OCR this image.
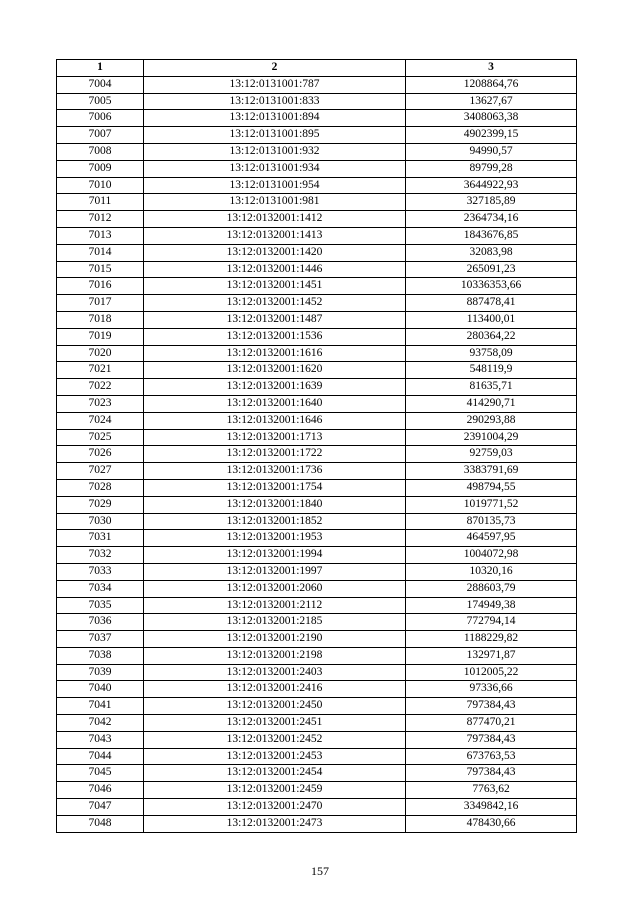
1	2	3
7004	13:12:0131001:787	1208864,76
7005	13:12:0131001:833	13627,67
7006	13:12:0131001:894	3408063,38
7007	13:12:0131001:895	4902399,15
7008	13:12:0131001:932	94990,57
7009	13:12:0131001:934	89799,28
7010	13:12:0131001:954	3644922,93
7011	13:12:0131001:981	327185,89
7012	13:12:0132001:1412	2364734,16
7013	13:12:0132001:1413	1843676,85
7014	13:12:0132001:1420	32083,98
7015	13:12:0132001:1446	265091,23
7016	13:12:0132001:1451	10336353,66
7017	13:12:0132001:1452	887478,41
7018	13:12:0132001:1487	113400,01
7019	13:12:0132001:1536	280364,22
7020	13:12:0132001:1616	93758,09
7021	13:12:0132001:1620	548119,9
7022	13:12:0132001:1639	81635,71
7023	13:12:0132001:1640	414290,71
7024	13:12:0132001:1646	290293,88
7025	13:12:0132001:1713	2391004,29
7026	13:12:0132001:1722	92759,03
7027	13:12:0132001:1736	3383791,69
7028	13:12:0132001:1754	498794,55
7029	13:12:0132001:1840	1019771,52
7030	13:12:0132001:1852	870135,73
7031	13:12:0132001:1953	464597,95
7032	13:12:0132001:1994	1004072,98
7033	13:12:0132001:1997	10320,16
7034	13:12:0132001:2060	288603,79
7035	13:12:0132001:2112	174949,38
7036	13:12:0132001:2185	772794,14
7037	13:12:0132001:2190	1188229,82
7038	13:12:0132001:2198	132971,87
7039	13:12:0132001:2403	1012005,22
7040	13:12:0132001:2416	97336,66
7041	13:12:0132001:2450	797384,43
7042	13:12:0132001:2451	877470,21
7043	13:12:0132001:2452	797384,43
7044	13:12:0132001:2453	673763,53
7045	13:12:0132001:2454	797384,43
7046	13:12:0132001:2459	7763,62
7047	13:12:0132001:2470	3349842,16
7048	13:12:0132001:2473	478430,66
157
